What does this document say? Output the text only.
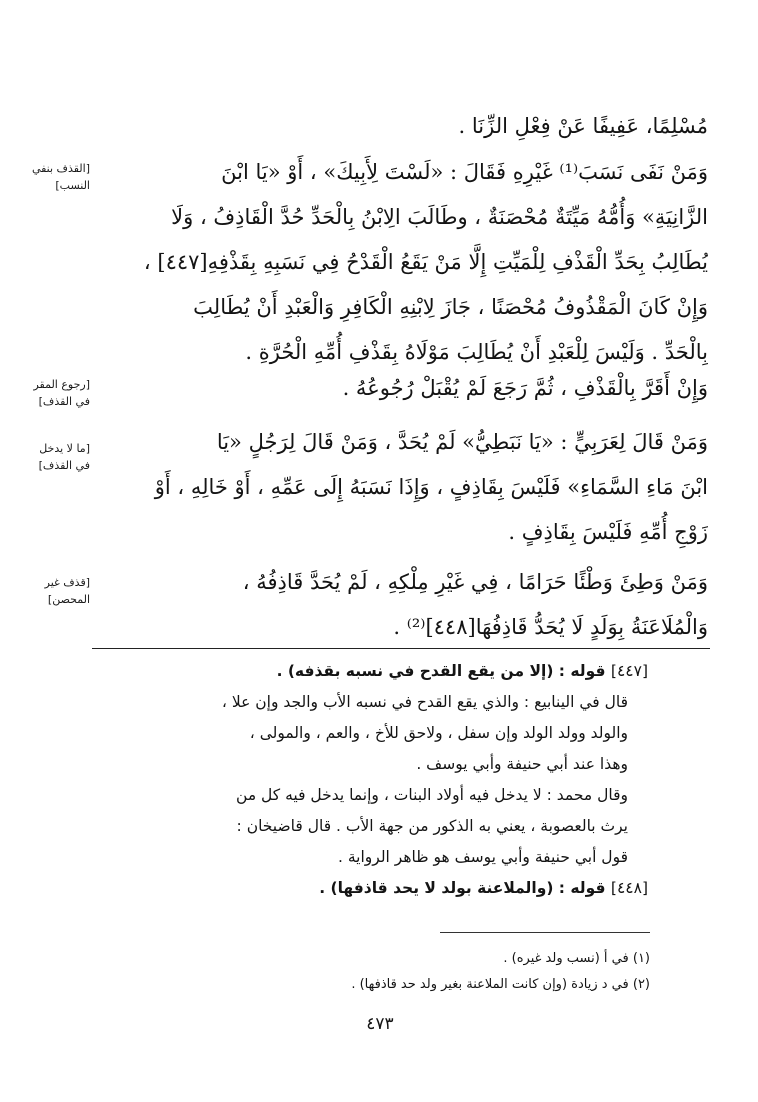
مُسْلِمًا، عَفِيفًا عَنْ فِعْلِ الزِّنَا .
وَمَنْ نَفَى نَسَبَ⁽¹⁾ غَيْرِهِ فَقَالَ : «لَسْتَ لِأَبِيكَ» ، أَوْ «يَا ابْنَ
الزَّانِيَةِ» وَأُمُّهُ مَيِّتَةٌ مُحْصَنَةٌ ، وطَالَبَ الِابْنُ بِالْحَدِّ حُدَّ الْقَاذِفُ ، وَلَا
يُطَالِبُ بِحَدِّ الْقَذْفِ لِلْمَيِّتِ إِلَّا مَنْ يَقَعُ الْقَدْحُ فِي نَسَبِهِ بِقَذْفِهِ[٤٤٧] ،
وَإِنْ كَانَ الْمَقْذُوفُ مُحْصَنًا ، جَازَ لِابْنِهِ الْكَافِرِ وَالْعَبْدِ أَنْ يُطَالِبَ
بِالْحَدِّ . وَلَيْسَ لِلْعَبْدِ أَنْ يُطَالِبَ مَوْلَاهُ بِقَذْفِ أُمِّهِ الْحُرَّةِ .
وَإِنْ أَقَرَّ بِالْقَذْفِ ، ثُمَّ رَجَعَ لَمْ يُقْبَلْ رُجُوعُهُ .
وَمَنْ قَالَ لِعَرَبِيٍّ : «يَا نَبَطِيُّ» لَمْ يُحَدَّ ، وَمَنْ قَالَ لِرَجُلٍ «يَا
ابْنَ مَاءِ السَّمَاءِ» فَلَيْسَ بِقَاذِفٍ ، وَإِذَا نَسَبَهُ إِلَى عَمِّهِ ، أَوْ خَالِهِ ، أَوْ
زَوْجِ أُمِّهِ فَلَيْسَ بِقَاذِفٍ .
وَمَنْ وَطِئَ وَطْئًا حَرَامًا ، فِي غَيْرِ مِلْكِهِ ، لَمْ يُحَدَّ قَاذِفُهُ ،
وَالْمُلَاعَنَةُ بِوَلَدٍ لَا يُحَدُّ قَاذِفُهَا[٤٤٨]⁽²⁾ .
[القذف بنفي
النسب]
[رجوع المقر
في القذف]
[ما لا يدخل
في القذف]
[قذف غير
المحصن]
[٤٤٧] قوله : (إلا من يقع القدح في نسبه بقذفه) .
قال في الينابيع : والذي يقع القدح في نسبه الأب والجد وإن علا ،
والولد وولد الولد وإن سفل ، ولاحق للأخ ، والعم ، والمولى ،
وهذا عند أبي حنيفة وأبي يوسف .
وقال محمد : لا يدخل فيه أولاد البنات ، وإنما يدخل فيه كل من
يرث بالعصوبة ، يعني به الذكور من جهة الأب . قال قاضيخان :
قول أبي حنيفة وأبي يوسف هو ظاهر الرواية .
[٤٤٨] قوله : (والملاعنة بولد لا يحد قاذفها) .
(١) في أ (نسب ولد غيره) .
(٢) في د زيادة (وإن كانت الملاعنة بغير ولد حد قاذفها) .
٤٧٣
